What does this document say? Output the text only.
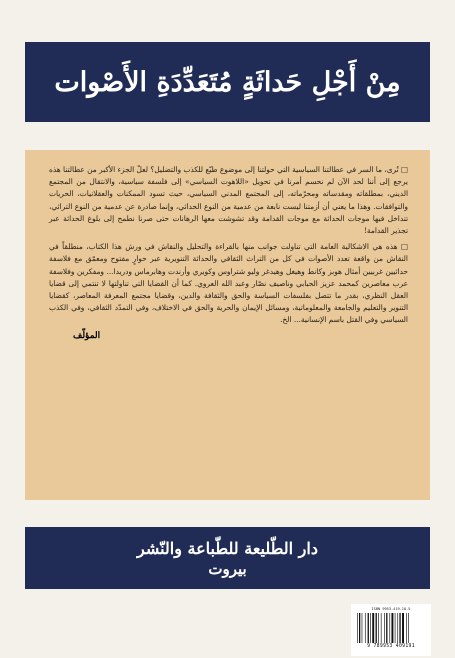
مِنْ أَجْلِ حَداثَةٍ مُتَعَدِّدَةِ الأَصْوات

□ تُرى، ما السر في عطالتنا السياسية التي حولتنا إلى موضوع طيّع للكذب والتضليل؟ لعلّ الجزء الأكبر من عطالتنا هذه يرجع إلى أننا لحد الآن لم نحسم أمرنا في تحويل «اللاهوت السياسي» إلى فلسفة سياسية، والانتقال من المجتمع الديني، بمطلقاته ومقدساته ومحرّماته، إلى المجتمع المدني السياسي، حيث تسود الممكنات والعقلانيات، الحريات والتوافقات. وهذا ما يعني أن أزمتنا ليست نابعة من عدمية من النوع الحداثي، وإنما صادرة عن عدمية من النوع التراثي، تتداخل فيها موجات الحداثة مع موجات القدامة وقد تشوشت معها الرهانات حتى صرنا نطمح إلى بلوغ الحداثة عبر تجذير القدامة!

□ هذه هي الاشكالية العامة التي تناولت جوانب منها بالقراءة والتحليل والنقاش في ورش هذا الكتاب، منطلقاً في النقاش من واقعة تعدد الأصوات في كل من التراث الثقافي والحداثة التنويرية عبر حوارٍ مفتوح ومعمّق مع فلاسفة حداثيين غربيين أمثال هوبز وكانط وهيغل وهيدغر وليو شتراوس وكويري وأرندت وهابرماس ودريدا... ومفكرين وفلاسفة عرب معاصرين كمحمد عزيز الحبابي وناصيف نصّار وعبد الله العروي. كما أن القضايا التي تناولتها لا تنتمي إلى قضايا العقل النظري، بقدر ما تتصل بفلسفات السياسة والحق والثقافة والدين، وقضايا مجتمع المعرفة المعاصر، كقضايا التنوير والتعليم والجامعة والمعلوماتية، ومسائل الإيمان والحرية والحق في الاختلاف، وفي التمدّد الثقافي، وفي الكذب السياسي وفي القتل باسم الإنسانية... الخ.

المؤلّف
دار الطّليعة للطّباعة والنّشر
بيروت
ISBN 9953-419-18-5
9 789953 409191
